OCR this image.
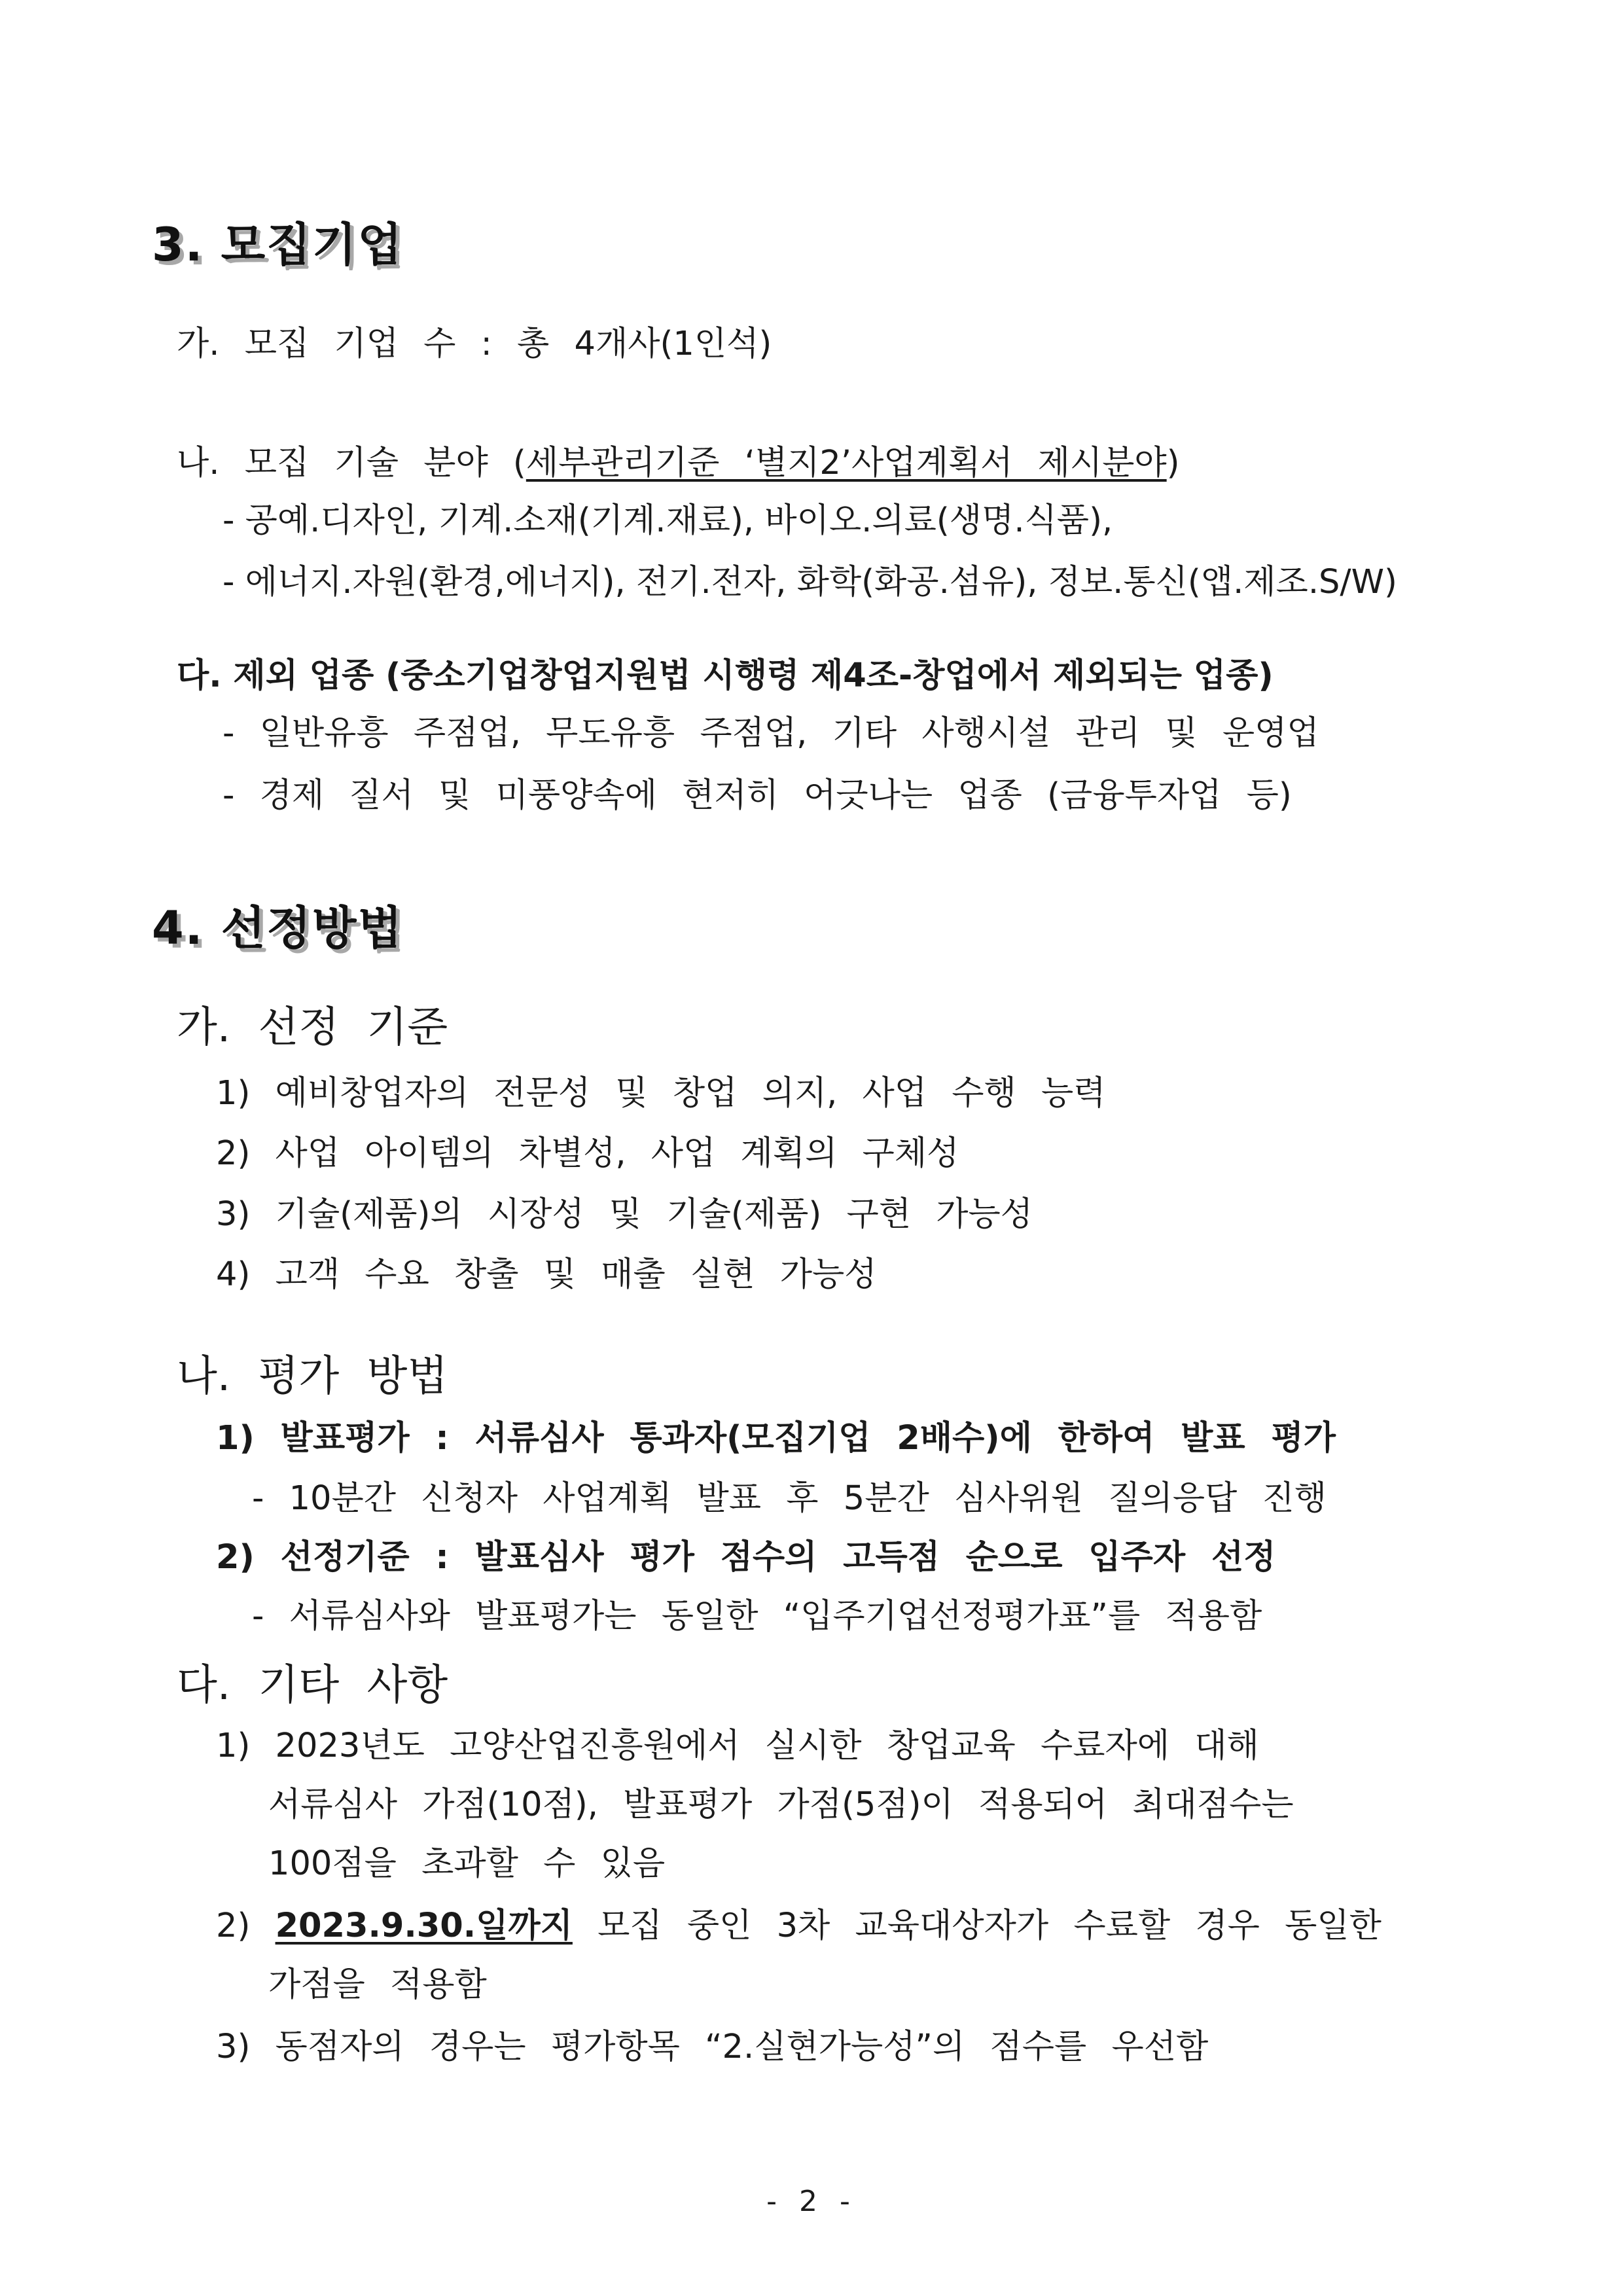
3. 모집기업
가. 모집 기업 수 : 총 4개사(1인석)
나. 모집 기술 분야 (세부관리기준 ‘별지2’사업계획서 제시분야)
- 공예.디자인, 기계.소재(기계.재료), 바이오.의료(생명.식품),
- 에너지.자원(환경,에너지), 전기.전자, 화학(화공.섬유), 정보.통신(앱.제조.S/W)
다. 제외 업종 (중소기업창업지원법 시행령 제4조-창업에서 제외되는 업종)
- 일반유흥 주점업, 무도유흥 주점업, 기타 사행시설 관리 및 운영업
- 경제 질서 및 미풍양속에 현저히 어긋나는 업종 (금융투자업 등)
4. 선정방법
가. 선정 기준
1) 예비창업자의 전문성 및 창업 의지, 사업 수행 능력
2) 사업 아이템의 차별성, 사업 계획의 구체성
3) 기술(제품)의 시장성 및 기술(제품) 구현 가능성
4) 고객 수요 창출 및 매출 실현 가능성
나. 평가 방법
1) 발표평가 : 서류심사 통과자(모집기업 2배수)에 한하여 발표 평가
- 10분간 신청자 사업계획 발표 후 5분간 심사위원 질의응답 진행
2) 선정기준 : 발표심사 평가 점수의 고득점 순으로 입주자 선정
- 서류심사와 발표평가는 동일한 “입주기업선정평가표”를 적용함
다. 기타 사항
1) 2023년도 고양산업진흥원에서 실시한 창업교육 수료자에 대해
서류심사 가점(10점), 발표평가 가점(5점)이 적용되어 최대점수는
100점을 초과할 수 있음
2) 2023.9.30.일까지 모집 중인 3차 교육대상자가 수료할 경우 동일한
가점을 적용함
3) 동점자의 경우는 평가항목 “2.실현가능성”의 점수를 우선함
- 2 -
